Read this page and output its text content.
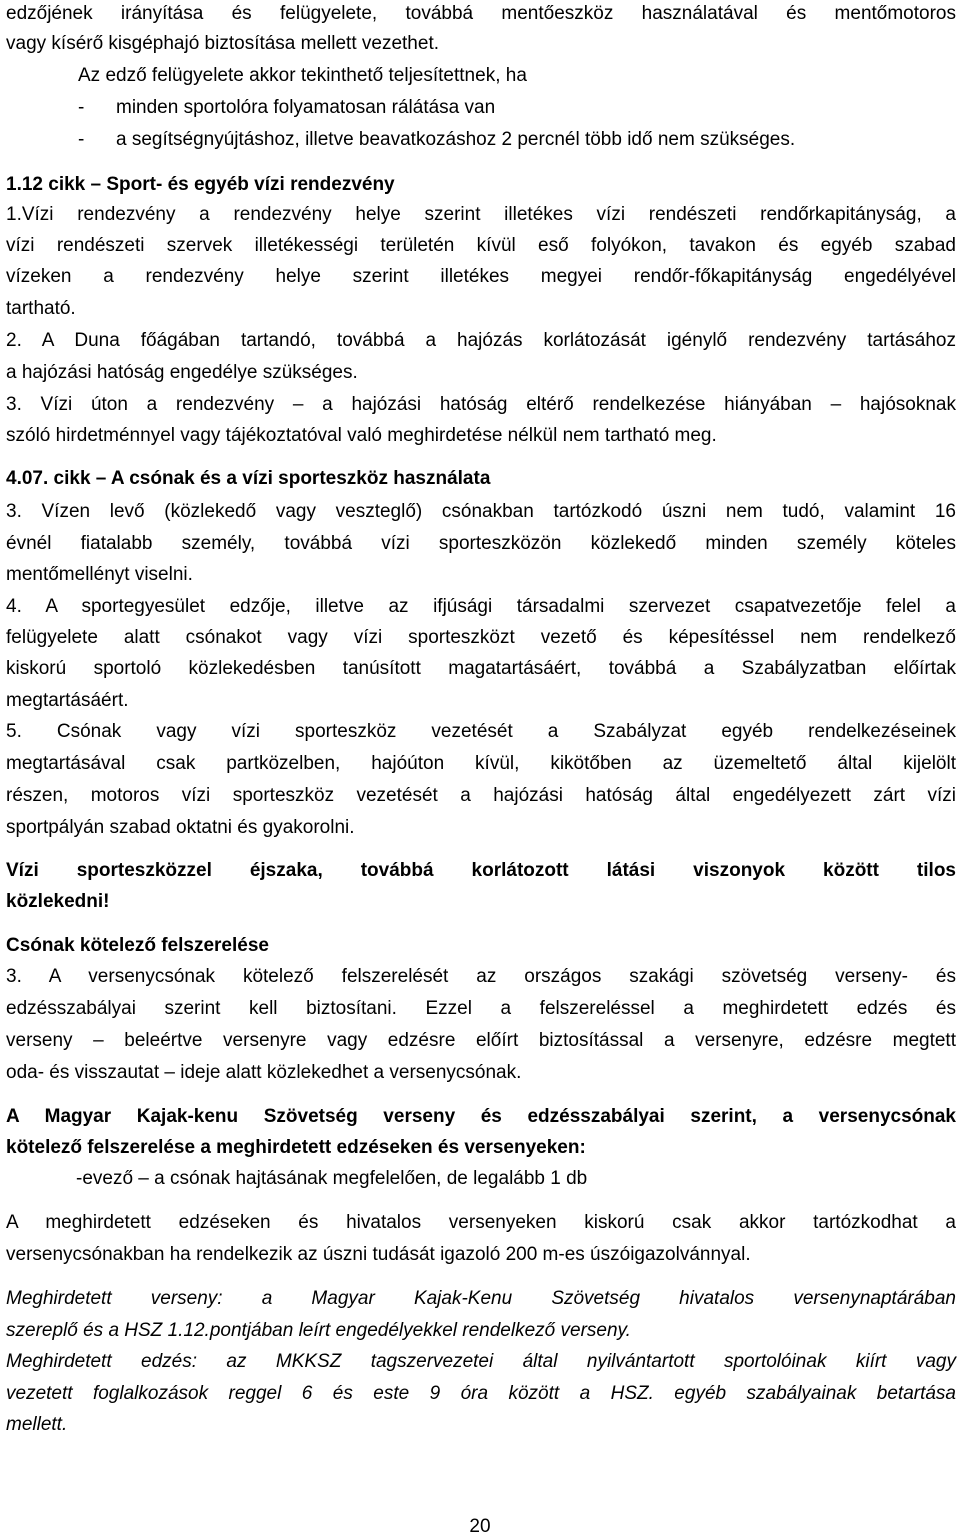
edzőjének irányítása és felügyelete, továbbá mentőeszköz használatával és mentőmotoros
vagy kísérő kisgéphajó biztosítása mellett vezethet.
Az edző felügyelete akkor tekinthető teljesítettnek, ha
- minden sportolóra folyamatosan rálátása van
- a segítségnyújtáshoz, illetve beavatkozáshoz 2 percnél több idő nem szükséges.
1.12 cikk – Sport- és egyéb vízi rendezvény
1.Vízi rendezvény a rendezvény helye szerint illetékes vízi rendészeti rendőrkapitányság, a
vízi rendészeti szervek illetékességi területén kívül eső folyókon, tavakon és egyéb szabad
vízeken a rendezvény helye szerint illetékes megyei rendőr-főkapitányság engedélyével
tartható.
2. A Duna főágában tartandó, továbbá a hajózás korlátozását igénylő rendezvény tartásához
a hajózási hatóság engedélye szükséges.
3. Vízi úton a rendezvény – a hajózási hatóság eltérő rendelkezése hiányában – hajósoknak
szóló hirdetménnyel vagy tájékoztatóval való meghirdetése nélkül nem tartható meg.
4.07. cikk – A csónak és a vízi sporteszköz használata
3. Vízen levő (közlekedő vagy veszteglő) csónakban tartózkodó úszni nem tudó, valamint 16
évnél fiatalabb személy, továbbá vízi sporteszközön közlekedő minden személy köteles
mentőmellényt viselni.
4. A sportegyesület edzője, illetve az ifjúsági társadalmi szervezet csapatvezetője felel a
felügyelete alatt csónakot vagy vízi sporteszközt vezető és képesítéssel nem rendelkező
kiskorú sportoló közlekedésben tanúsított magatartásáért, továbbá a Szabályzatban előírtak
megtartásáért.
5. Csónak vagy vízi sporteszköz vezetését a Szabályzat egyéb rendelkezéseinek
megtartásával csak partközelben, hajóúton kívül, kikötőben az üzemeltető által kijelölt
részen, motoros vízi sporteszköz vezetését a hajózási hatóság által engedélyezett zárt vízi
sportpályán szabad oktatni és gyakorolni.
Vízi sporteszközzel éjszaka, továbbá korlátozott látási viszonyok között tilos
közlekedni!
Csónak kötelező felszerelése
3. A versenycsónak kötelező felszerelését az országos szakági szövetség verseny- és
edzésszabályai szerint kell biztosítani. Ezzel a felszereléssel a meghirdetett edzés és
verseny – beleértve versenyre vagy edzésre előírt biztosítással a versenyre, edzésre megtett
oda- és visszautat – ideje alatt közlekedhet a versenycsónak.
A Magyar Kajak-kenu Szövetség verseny és edzésszabályai szerint, a versenycsónak
kötelező felszerelése a meghirdetett edzéseken és versenyeken:
-evező – a csónak hajtásának megfelelően, de legalább 1 db
A meghirdetett edzéseken és hivatalos versenyeken kiskorú csak akkor tartózkodhat a
versenycsónakban ha rendelkezik az úszni tudását igazoló 200 m-es úszóigazolvánnyal.
Meghirdetett verseny: a Magyar Kajak-Kenu Szövetség hivatalos versenynaptárában
szereplő és a HSZ 1.12.pontjában leírt engedélyekkel rendelkező verseny.
Meghirdetett edzés: az MKKSZ tagszervezetei által nyilvántartott sportolóinak kiírt vagy
vezetett foglalkozások reggel 6 és este 9 óra között a HSZ. egyéb szabályainak betartása
mellett.
20
